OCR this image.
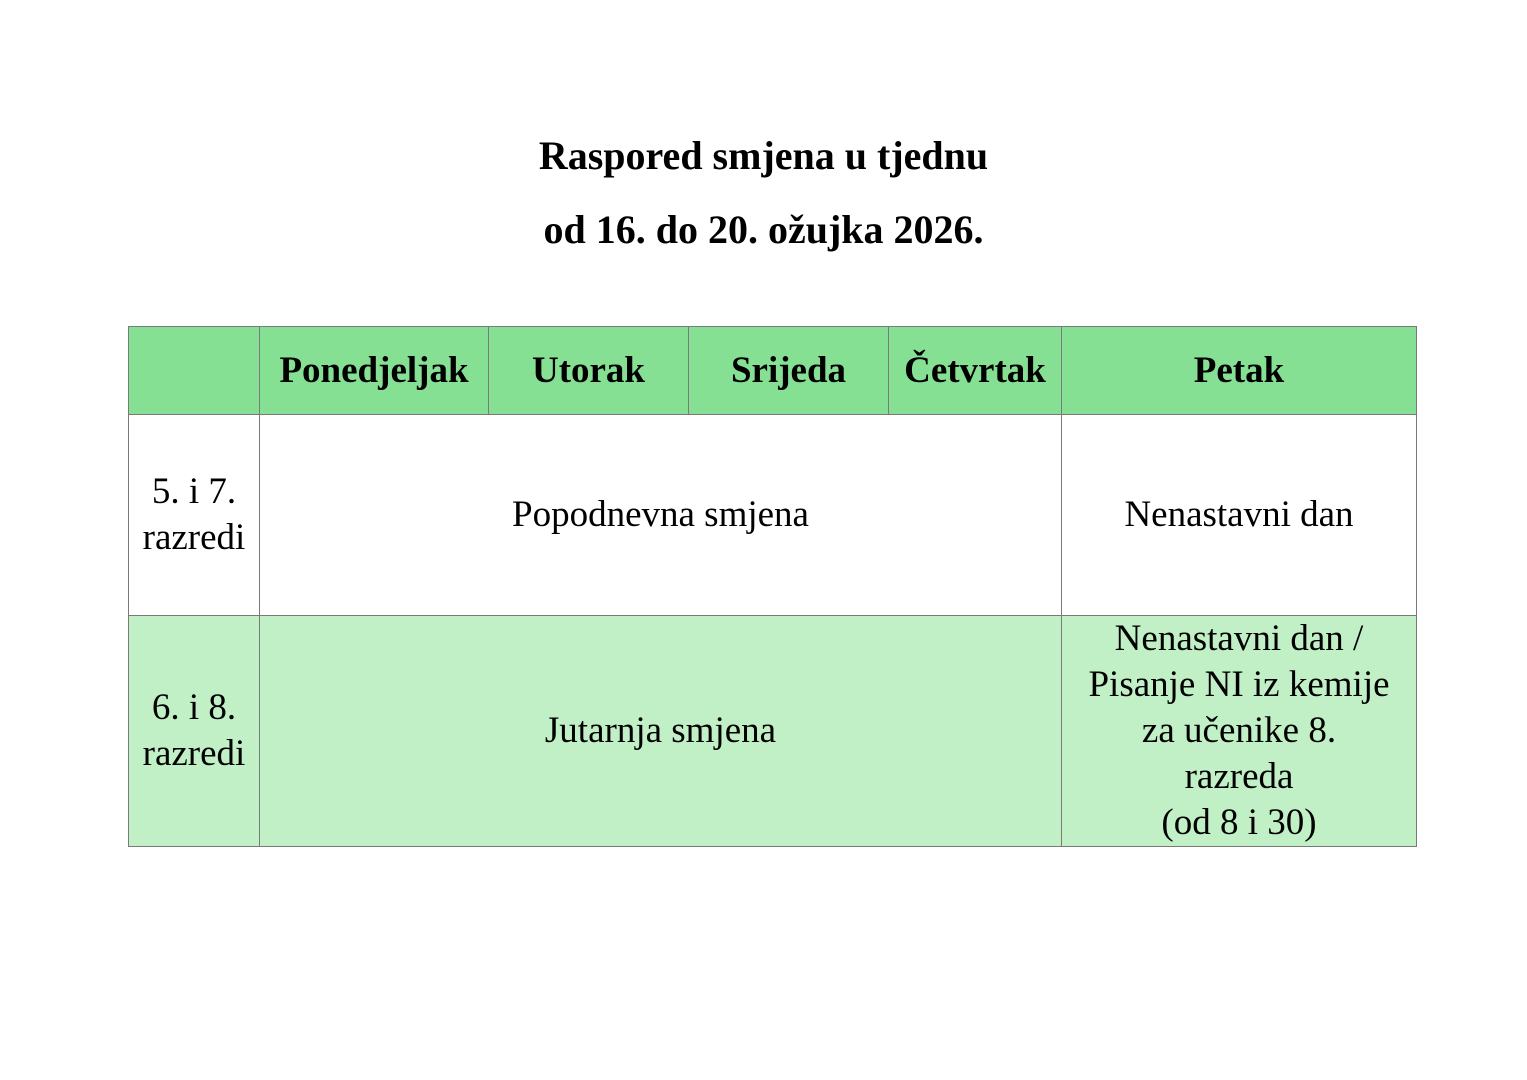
Raspored smjena u tjednu
od 16. do 20. ožujka 2026.
	Ponedjeljak	Utorak	Srijeda	Četvrtak	Petak
5. i 7.
razredi	Popodnevna smjena				Nenastavni dan
6. i 8.
razredi	Jutarnja smjena				Nenastavni dan /
Pisanje NI iz kemije
za učenike 8.
razreda
(od 8 i 30)
